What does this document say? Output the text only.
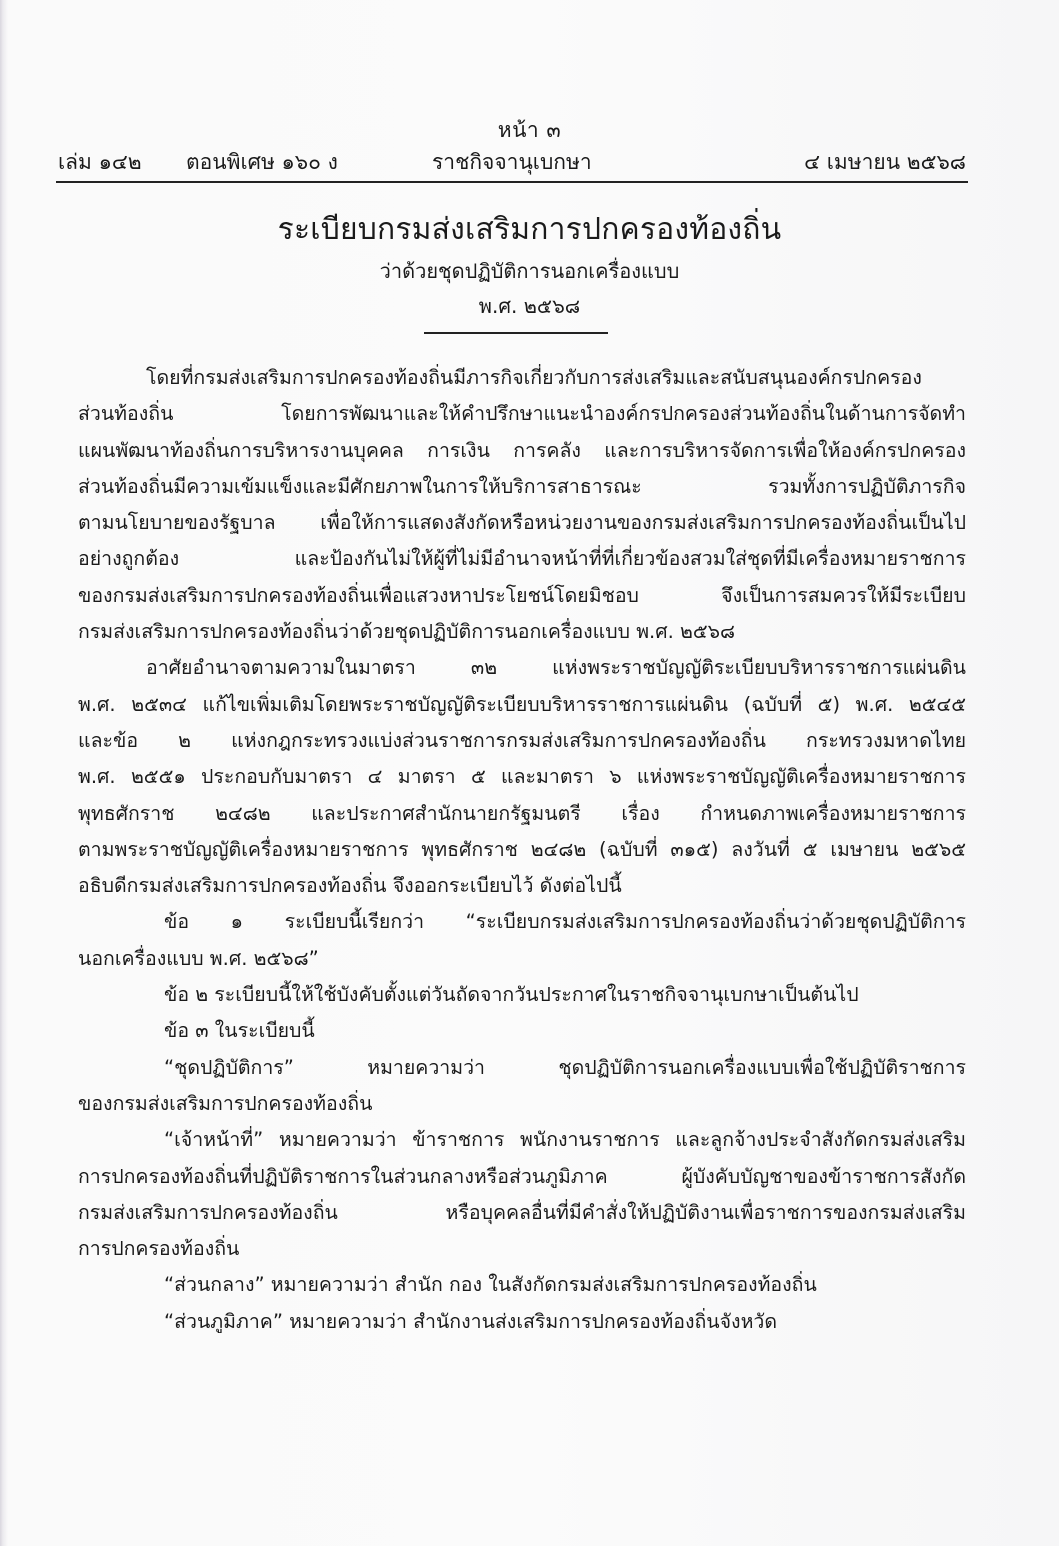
หน้า ๓
เล่ม ๑๔๒ ตอนพิเศษ ๑๖๐ ง	ราชกิจจานุเบกษา	๔ เมษายน ๒๕๖๘
ระเบียบกรมส่งเสริมการปกครองท้องถิ่น
ว่าด้วยชุดปฏิบัติการนอกเครื่องแบบ
พ.ศ. ๒๕๖๘
โดยที่กรมส่งเสริมการปกครองท้องถิ่นมีภารกิจเกี่ยวกับการส่งเสริมและสนับสนุนองค์กรปกครอง
ส่วนท้องถิ่น โดยการพัฒนาและให้คำปรึกษาแนะนำองค์กรปกครองส่วนท้องถิ่นในด้านการจัดทำ
แผนพัฒนาท้องถิ่นการบริหารงานบุคคล การเงิน การคลัง และการบริหารจัดการเพื่อให้องค์กรปกครอง
ส่วนท้องถิ่นมีความเข้มแข็งและมีศักยภาพในการให้บริการสาธารณะ รวมทั้งการปฏิบัติภารกิจ
ตามนโยบายของรัฐบาล เพื่อให้การแสดงสังกัดหรือหน่วยงานของกรมส่งเสริมการปกครองท้องถิ่นเป็นไป
อย่างถูกต้อง และป้องกันไม่ให้ผู้ที่ไม่มีอำนาจหน้าที่ที่เกี่ยวข้องสวมใส่ชุดที่มีเครื่องหมายราชการ
ของกรมส่งเสริมการปกครองท้องถิ่นเพื่อแสวงหาประโยชน์โดยมิชอบ จึงเป็นการสมควรให้มีระเบียบ
กรมส่งเสริมการปกครองท้องถิ่นว่าด้วยชุดปฏิบัติการนอกเครื่องแบบ พ.ศ. ๒๕๖๘
อาศัยอำนาจตามความในมาตรา ๓๒ แห่งพระราชบัญญัติระเบียบบริหารราชการแผ่นดิน
พ.ศ. ๒๕๓๔ แก้ไขเพิ่มเติมโดยพระราชบัญญัติระเบียบบริหารราชการแผ่นดิน (ฉบับที่ ๕) พ.ศ. ๒๕๔๕
และข้อ ๒ แห่งกฎกระทรวงแบ่งส่วนราชการกรมส่งเสริมการปกครองท้องถิ่น กระทรวงมหาดไทย
พ.ศ. ๒๕๕๑ ประกอบกับมาตรา ๔ มาตรา ๕ และมาตรา ๖ แห่งพระราชบัญญัติเครื่องหมายราชการ
พุทธศักราช ๒๔๘๒ และประกาศสำนักนายกรัฐมนตรี เรื่อง กำหนดภาพเครื่องหมายราชการ
ตามพระราชบัญญัติเครื่องหมายราชการ พุทธศักราช ๒๔๘๒ (ฉบับที่ ๓๑๕) ลงวันที่ ๕ เมษายน ๒๕๖๕
อธิบดีกรมส่งเสริมการปกครองท้องถิ่น จึงออกระเบียบไว้ ดังต่อไปนี้
ข้อ ๑ ระเบียบนี้เรียกว่า “ระเบียบกรมส่งเสริมการปกครองท้องถิ่นว่าด้วยชุดปฏิบัติการ
นอกเครื่องแบบ พ.ศ. ๒๕๖๘”
ข้อ ๒ ระเบียบนี้ให้ใช้บังคับตั้งแต่วันถัดจากวันประกาศในราชกิจจานุเบกษาเป็นต้นไป
ข้อ ๓ ในระเบียบนี้
“ชุดปฏิบัติการ” หมายความว่า ชุดปฏิบัติการนอกเครื่องแบบเพื่อใช้ปฏิบัติราชการ
ของกรมส่งเสริมการปกครองท้องถิ่น
“เจ้าหน้าที่” หมายความว่า ข้าราชการ พนักงานราชการ และลูกจ้างประจำสังกัดกรมส่งเสริม
การปกครองท้องถิ่นที่ปฏิบัติราชการในส่วนกลางหรือส่วนภูมิภาค ผู้บังคับบัญชาของข้าราชการสังกัด
กรมส่งเสริมการปกครองท้องถิ่น หรือบุคคลอื่นที่มีคำสั่งให้ปฏิบัติงานเพื่อราชการของกรมส่งเสริม
การปกครองท้องถิ่น
“ส่วนกลาง” หมายความว่า สำนัก กอง ในสังกัดกรมส่งเสริมการปกครองท้องถิ่น
“ส่วนภูมิภาค” หมายความว่า สำนักงานส่งเสริมการปกครองท้องถิ่นจังหวัด
